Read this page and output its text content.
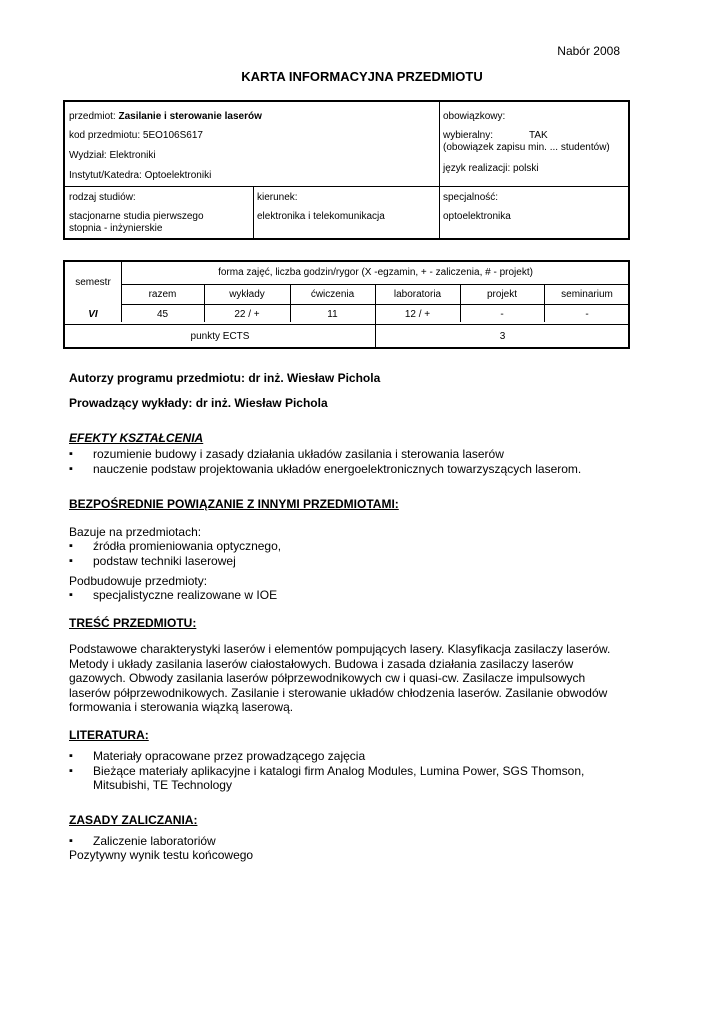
Nabór 2008
KARTA INFORMACYJNA PRZEDMIOTU
przedmiot: Zasilanie i sterowanie laserów
kod przedmiotu: 5EO106S617
Wydział: Elektroniki
Instytut/Katedra: Optoelektroniki
obowiązkowy:
wybieralny:	TAK
(obowiązek zapisu min. ... studentów)
język realizacji: polski
rodzaj studiów:
stacjonarne studia pierwszego
stopnia - inżynierskie
kierunek:
elektronika i telekomunikacja
specjalność:
optoelektronika
semestr
forma zajęć, liczba godzin/rygor (X -egzamin, + - zaliczenia, # - projekt)
razem	wykłady	ćwiczenia	laboratoria	projekt	seminarium
VI	45	22 / +	11	12 / +	-	-
punkty ECTS	3
Autorzy programu przedmiotu: dr inż. Wiesław Pichola
Prowadzący wykłady: dr inż. Wiesław Pichola
EFEKTY KSZTAŁCENIA
▪ rozumienie budowy i zasady działania układów zasilania i sterowania laserów
▪ nauczenie podstaw projektowania układów energoelektronicznych towarzyszących laserom.
BEZPOŚREDNIE POWIĄZANIE Z INNYMI PRZEDMIOTAMI:
Bazuje na przedmiotach:
▪ źródła promieniowania optycznego,
▪ podstaw techniki laserowej
Podbudowuje przedmioty:
▪ specjalistyczne realizowane w IOE
TREŚĆ PRZEDMIOTU:
Podstawowe charakterystyki laserów i elementów pompujących lasery. Klasyfikacja zasilaczy laserów.
Metody i układy zasilania laserów ciałostałowych. Budowa i zasada działania zasilaczy laserów
gazowych. Obwody zasilania laserów półprzewodnikowych cw i quasi-cw. Zasilacze impulsowych
laserów półprzewodnikowych. Zasilanie i sterowanie układów chłodzenia laserów. Zasilanie obwodów
formowania i sterowania wiązką laserową.
LITERATURA:
▪ Materiały opracowane przez prowadzącego zajęcia
▪ Bieżące materiały aplikacyjne i katalogi firm Analog Modules, Lumina Power, SGS Thomson,
Mitsubishi, TE Technology
ZASADY ZALICZANIA:
▪ Zaliczenie laboratoriów
Pozytywny wynik testu końcowego
